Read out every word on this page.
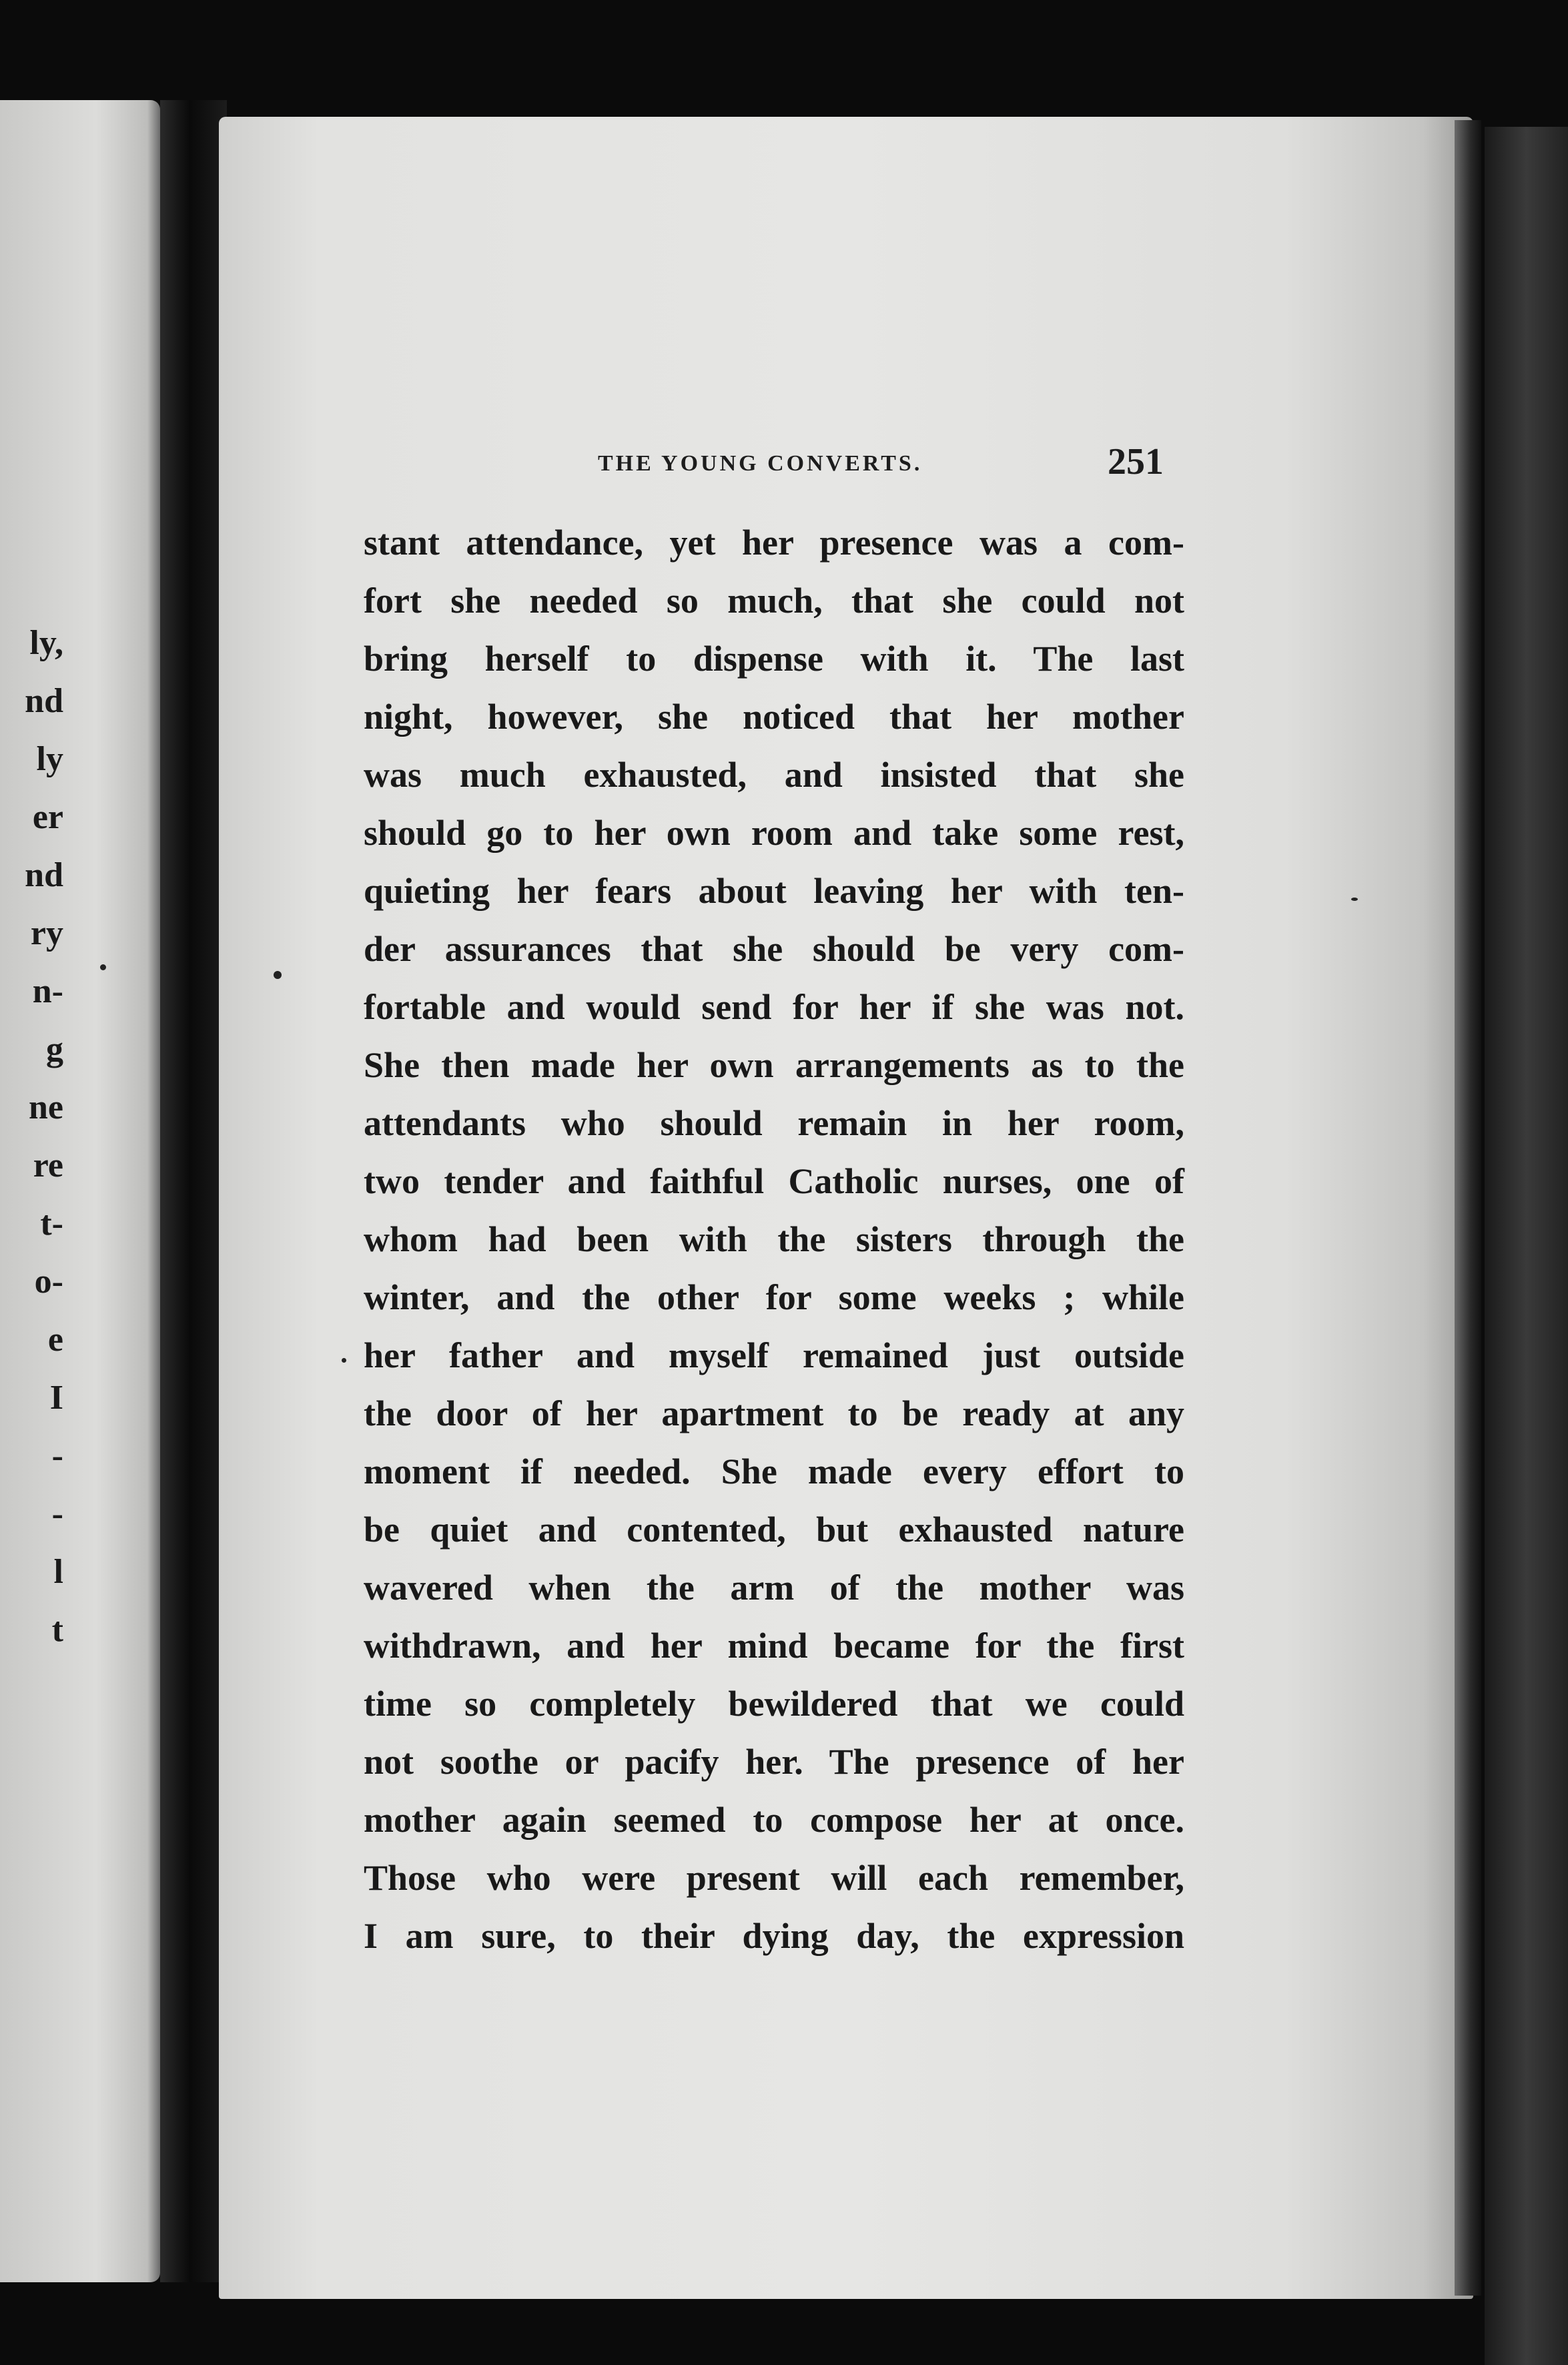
ly,
nd
ly
er
nd
ry
n-
g
ne
re
t-
o-
e
I
-
-
l
t
THE YOUNG CONVERTS.	251
stant attendance, yet her presence was a com-
fort she needed so much, that she could not
bring herself to dispense with it. The last
night, however, she noticed that her mother
was much exhausted, and insisted that she
should go to her own room and take some rest,
quieting her fears about leaving her with ten-
der assurances that she should be very com-
fortable and would send for her if she was not.
She then made her own arrangements as to the
attendants who should remain in her room,
two tender and faithful Catholic nurses, one of
whom had been with the sisters through the
winter, and the other for some weeks ; while
her father and myself remained just outside
the door of her apartment to be ready at any
moment if needed. She made every effort to
be quiet and contented, but exhausted nature
wavered when the arm of the mother was
withdrawn, and her mind became for the first
time so completely bewildered that we could
not soothe or pacify her. The presence of her
mother again seemed to compose her at once.
Those who were present will each remember,
I am sure, to their dying day, the expression
